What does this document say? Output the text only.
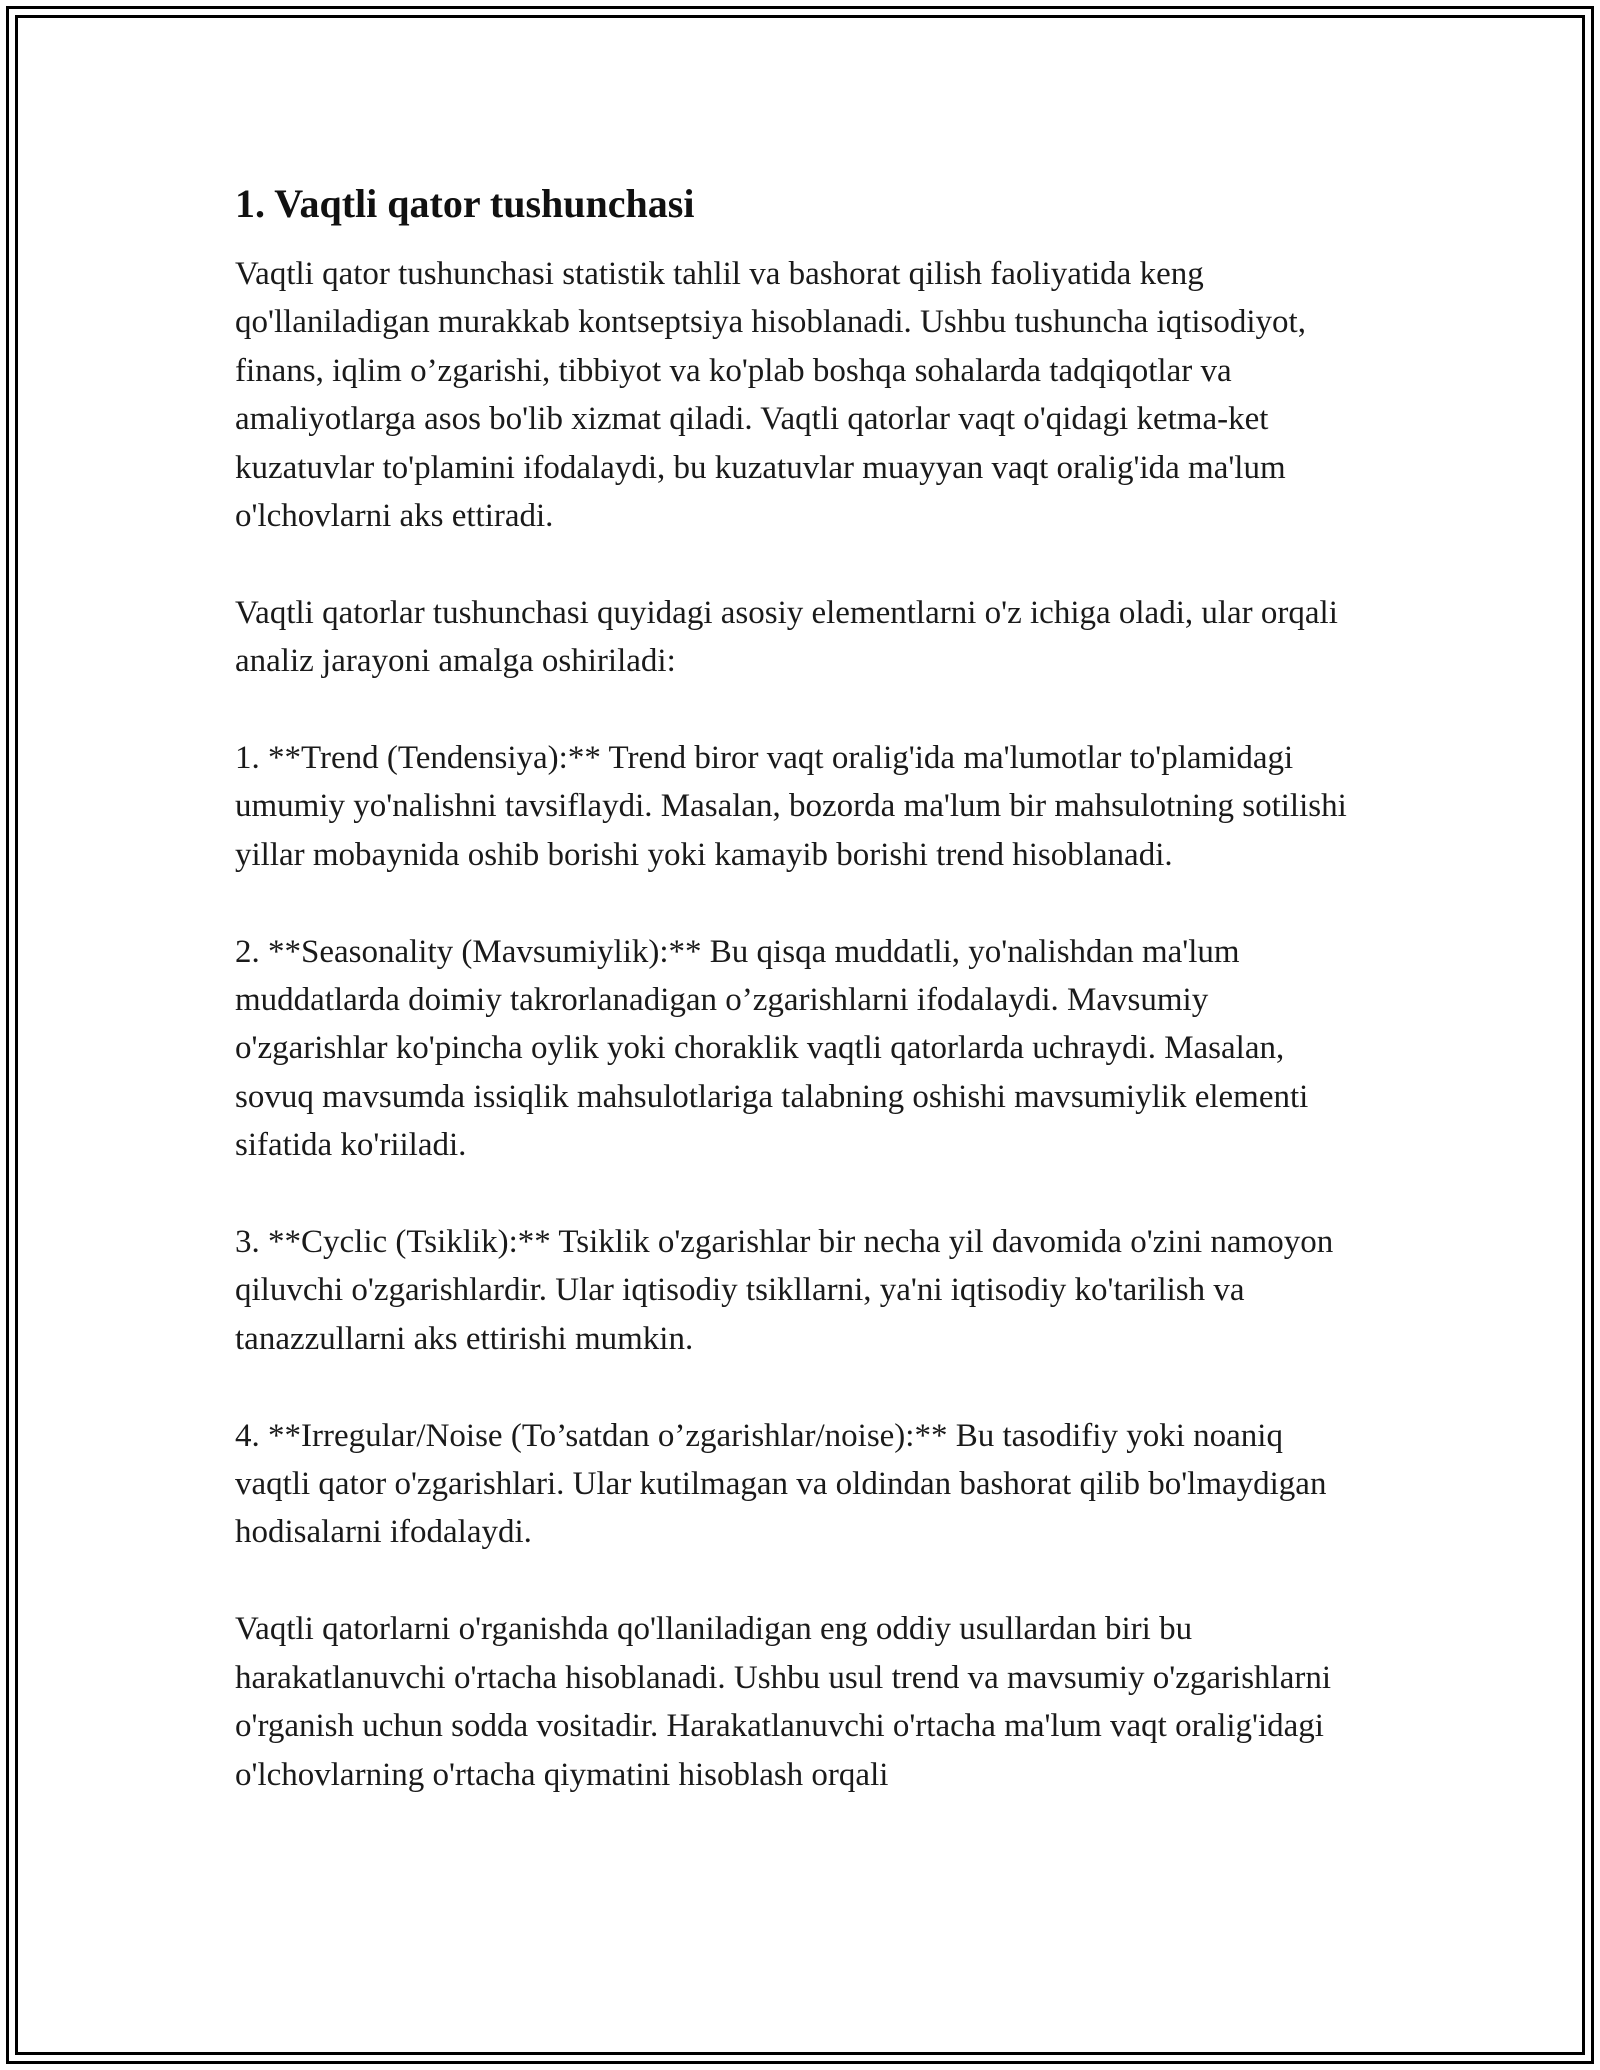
1. Vaqtli qator tushunchasi

Vaqtli qator tushunchasi statistik tahlil va bashorat qilish faoliyatida keng qo'llaniladigan murakkab kontseptsiya hisoblanadi. Ushbu tushuncha iqtisodiyot, finans, iqlim o’zgarishi, tibbiyot va ko'plab boshqa sohalarda tadqiqotlar va amaliyotlarga asos bo'lib xizmat qiladi. Vaqtli qatorlar vaqt o'qidagi ketma-ket kuzatuvlar to'plamini ifodalaydi, bu kuzatuvlar muayyan vaqt oralig'ida ma'lum o'lchovlarni aks ettiradi.

Vaqtli qatorlar tushunchasi quyidagi asosiy elementlarni o'z ichiga oladi, ular orqali analiz jarayoni amalga oshiriladi:

1. **Trend (Tendensiya):** Trend biror vaqt oralig'ida ma'lumotlar to'plamidagi umumiy yo'nalishni tavsiflaydi. Masalan, bozorda ma'lum bir mahsulotning sotilishi yillar mobaynida oshib borishi yoki kamayib borishi trend hisoblanadi.

2. **Seasonality (Mavsumiylik):** Bu qisqa muddatli, yo'nalishdan ma'lum muddatlarda doimiy takrorlanadigan o’zgarishlarni ifodalaydi. Mavsumiy o'zgarishlar ko'pincha oylik yoki choraklik vaqtli qatorlarda uchraydi. Masalan, sovuq mavsumda issiqlik mahsulotlariga talabning oshishi mavsumiylik elementi sifatida ko'riiladi.

3. **Cyclic (Tsiklik):** Tsiklik o'zgarishlar bir necha yil davomida o'zini namoyon qiluvchi o'zgarishlardir. Ular iqtisodiy tsikllarni, ya'ni iqtisodiy ko'tarilish va tanazzullarni aks ettirishi mumkin.

4. **Irregular/Noise (To’satdan o’zgarishlar/noise):** Bu tasodifiy yoki noaniq vaqtli qator o'zgarishlari. Ular kutilmagan va oldindan bashorat qilib bo'lmaydigan hodisalarni ifodalaydi.

Vaqtli qatorlarni o'rganishda qo'llaniladigan eng oddiy usullardan biri bu harakatlanuvchi o'rtacha hisoblanadi. Ushbu usul trend va mavsumiy o'zgarishlarni o'rganish uchun sodda vositadir. Harakatlanuvchi o'rtacha ma'lum vaqt oralig'idagi o'lchovlarning o'rtacha qiymatini hisoblash orqali
